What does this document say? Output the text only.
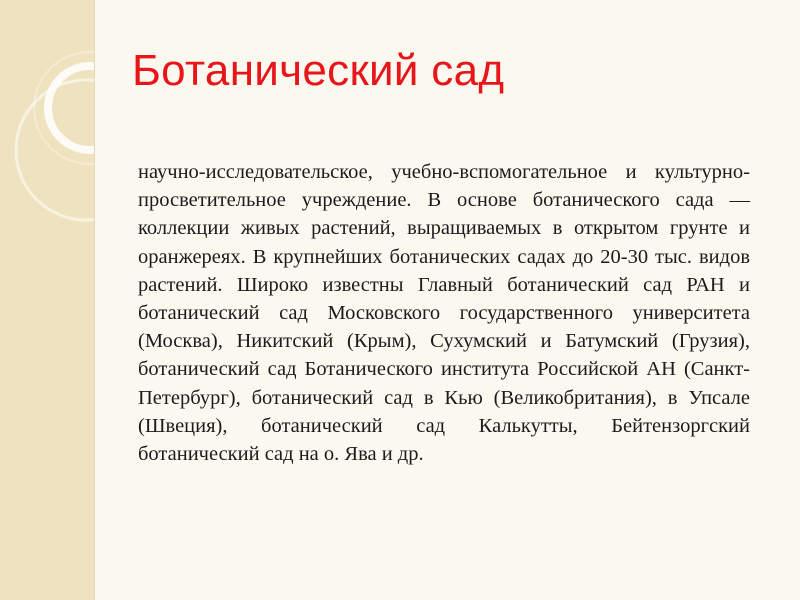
Ботанический сад

научно-исследовательское, учебно-вспомогательное и культурно-просветительное учреждение. В основе ботанического сада — коллекции живых растений, выращиваемых в открытом грунте и оранжереях. В крупнейших ботанических садах до 20-30 тыс. видов растений. Широко известны Главный ботанический сад РАН и ботанический сад Московского государственного университета (Москва), Никитский (Крым), Сухумский и Батумский (Грузия), ботанический сад Ботанического института Российской АН (Санкт-Петербург), ботанический сад в Кью (Великобритания), в Упсале (Швеция), ботанический сад Калькутты, Бейтензоргский ботанический сад на о. Ява и др.
